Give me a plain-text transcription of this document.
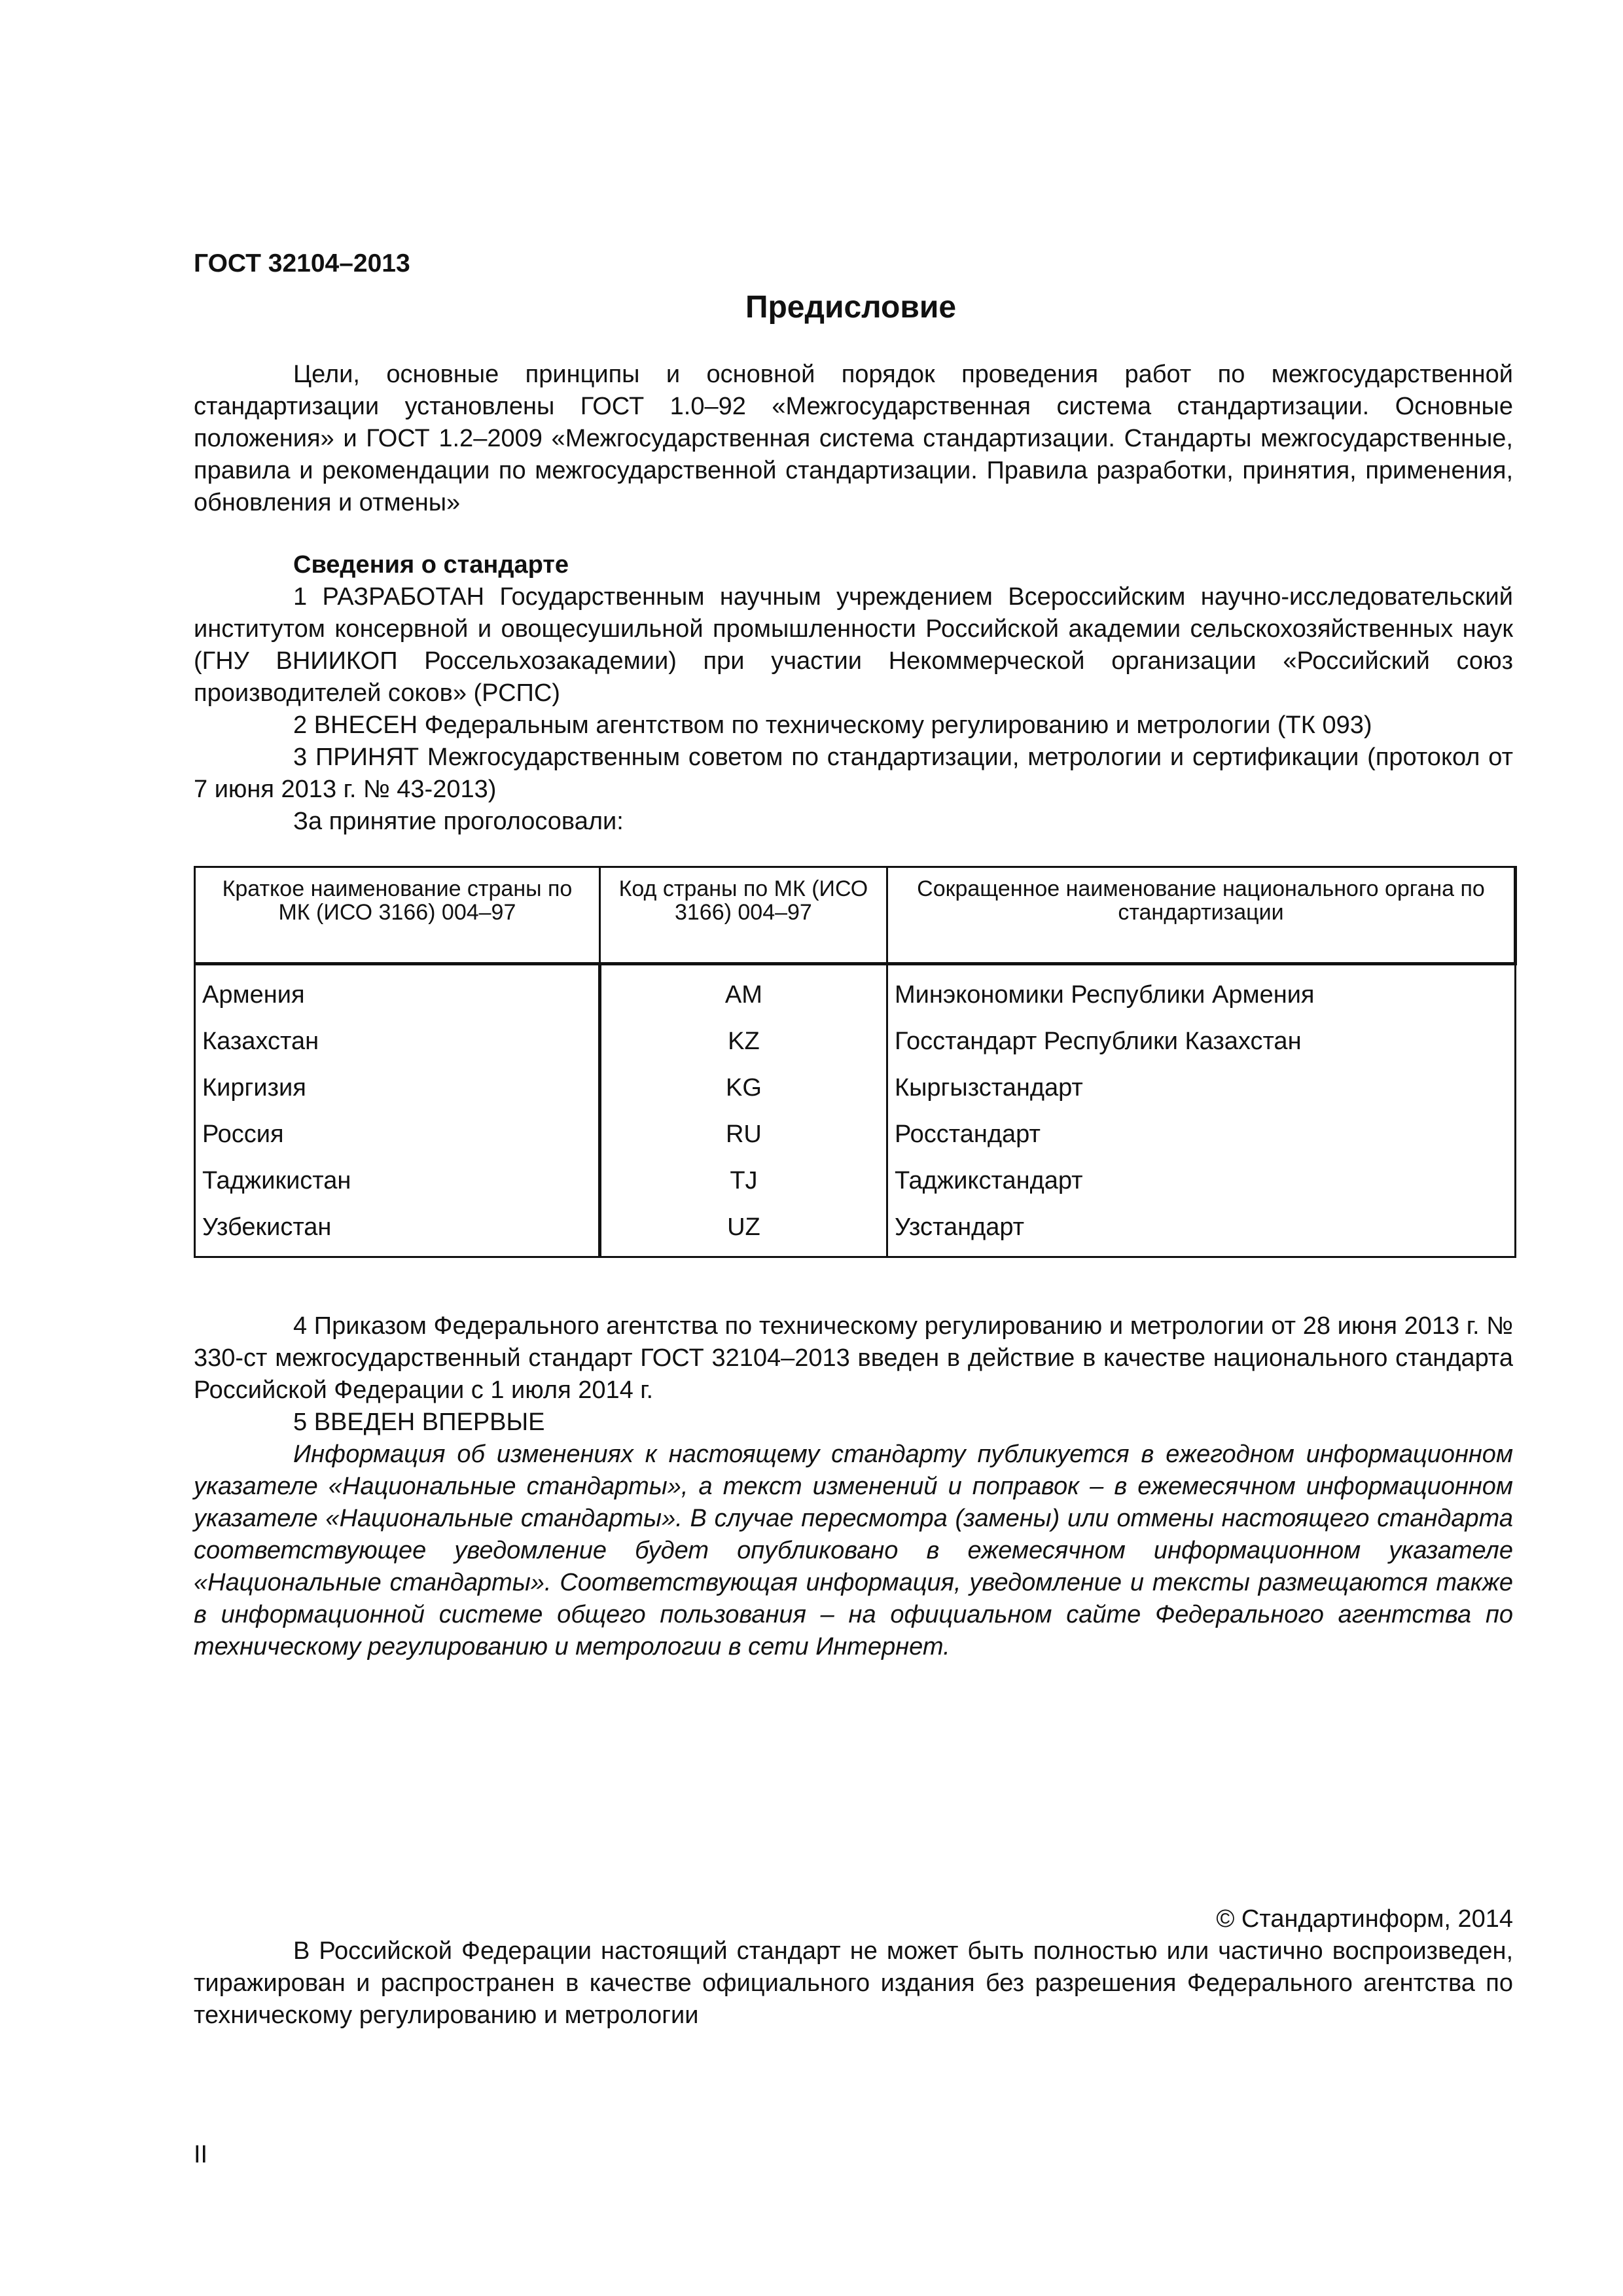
ГОСТ 32104–2013
Предисловие

Цели, основные принципы и основной порядок проведения работ по межгосударственной стандартизации установлены ГОСТ 1.0–92 «Межгосударственная система стандартизации. Основные положения» и ГОСТ 1.2–2009 «Межгосударственная система стандартизации. Стандарты межгосударственные, правила и рекомендации по межгосударственной стандартизации. Правила разработки, принятия, применения, обновления и отмены»

Сведения о стандарте

1 РАЗРАБОТАН Государственным научным учреждением Всероссийским научно-исследовательский институтом консервной и овощесушильной промышленности Российской академии сельскохозяйственных наук (ГНУ ВНИИКОП Россельхозакадемии) при участии Некоммерческой организации «Российский союз производителей соков» (РСПС)

2 ВНЕСЕН Федеральным агентством по техническому регулированию и метрологии (ТК 093)

3 ПРИНЯТ Межгосударственным советом по стандартизации, метрологии и сертификации (протокол от 7 июня 2013 г. № 43-2013)

За принятие проголосовали:

Краткое наименование страны по МК (ИСО 3166) 004–97	Код страны по МК (ИСО 3166) 004–97	Сокращенное наименование национального органа по стандартизации
Армения	AM	Минэкономики Республики Армения
Казахстан	KZ	Госстандарт Республики Казахстан
Киргизия	KG	Кыргызстандарт
Россия	RU	Росстандарт
Таджикистан	TJ	Таджикстандарт
Узбекистан	UZ	Узстандарт

4 Приказом Федерального агентства по техническому регулированию и метрологии от 28 июня 2013 г. № 330-ст межгосударственный стандарт ГОСТ 32104–2013 введен в действие в качестве национального стандарта Российской Федерации с 1 июля 2014 г.

5 ВВЕДЕН ВПЕРВЫЕ

Информация об изменениях к настоящему стандарту публикуется в ежегодном информационном указателе «Национальные стандарты», а текст изменений и поправок – в ежемесячном информационном указателе «Национальные стандарты». В случае пересмотра (замены) или отмены настоящего стандарта соответствующее уведомление будет опубликовано в ежемесячном информационном указателе «Национальные стандарты». Соответствующая информация, уведомление и тексты размещаются также в информационной системе общего пользования – на официальном сайте Федерального агентства по техническому регулированию и метрологии в сети Интернет.

© Стандартинформ, 2014

В Российской Федерации настоящий стандарт не может быть полностью или частично воспроизведен, тиражирован и распространен в качестве официального издания без разрешения Федерального агентства по техническому регулированию и метрологии

II
